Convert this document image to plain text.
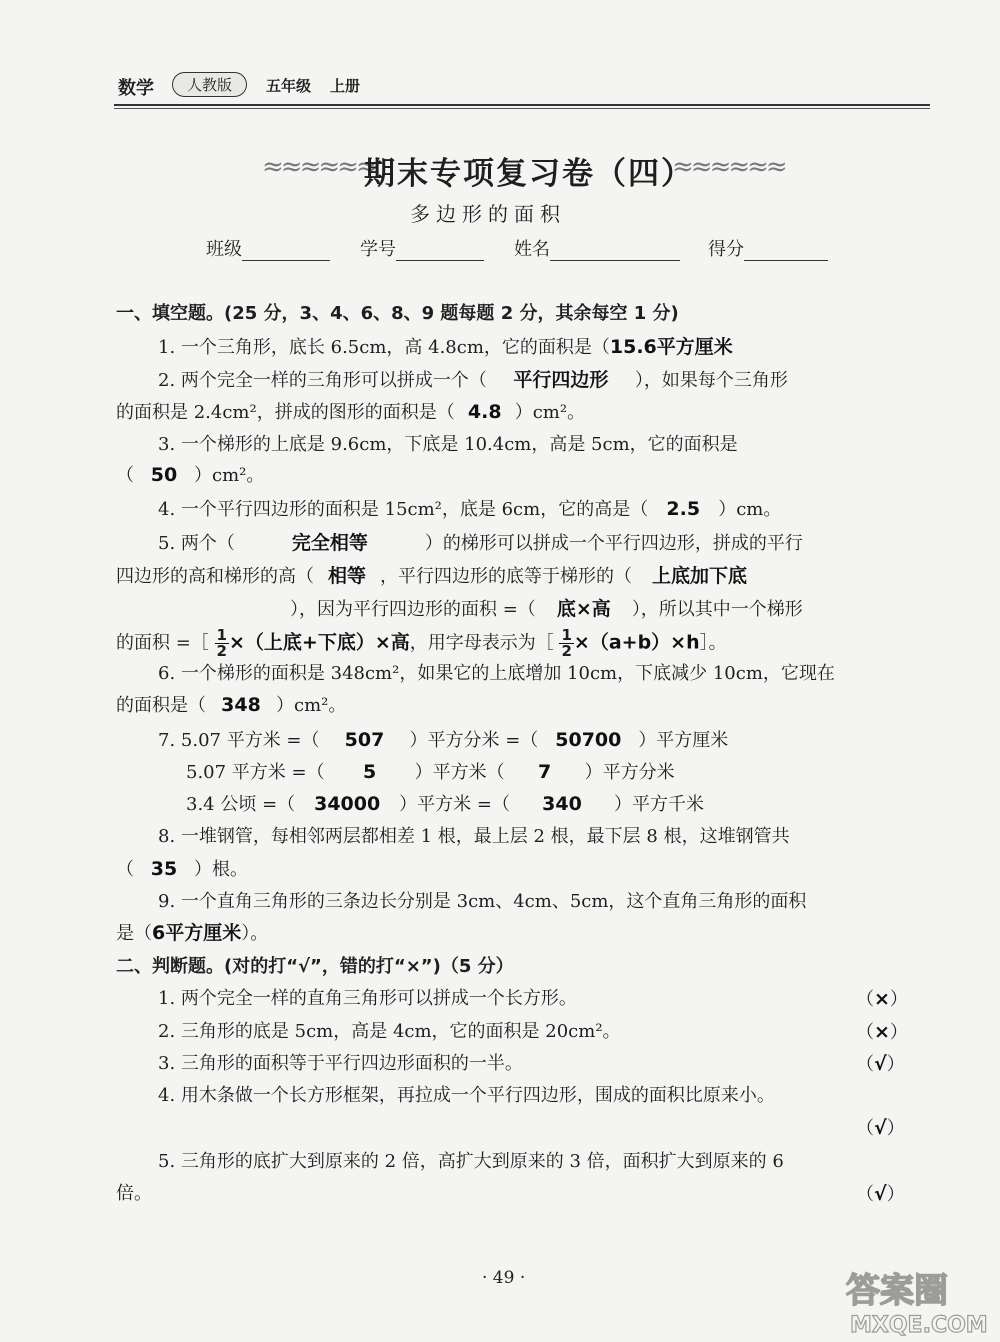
数学	人教版	五年级 上册
≈≈≈≈≈≈
期末专项复习卷（四）
≈≈≈≈≈≈
多边形的面积
班级	学号	姓名	得分
一、填空题。(25 分，3、4、6、8、9 题每题 2 分，其余每空 1 分)
1. 一个三角形，底长 6.5cm，高 4.8cm，它的面积是（15.6平方厘米
2. 两个完全一样的三角形可以拼成一个（ 平行四边形 ），如果每个三角形
的面积是 2.4cm²，拼成的图形的面积是（ 4.8 ）cm²。
3. 一个梯形的上底是 9.6cm，下底是 10.4cm，高是 5cm，它的面积是
（ 50 ）cm²。
4. 一个平行四边形的面积是 15cm²，底是 6cm，它的高是（ 2.5 ）cm。
5. 两个（	完全相等	）的梯形可以拼成一个平行四边形，拼成的平行
四边形的高和梯形的高（ 相等 ，平行四边形的底等于梯形的（ 上底加下底
），因为平行四边形的面积 =（ 底×高 ），所以其中一个梯形
的面积 =［ $\frac{1}{2}$ ×（上底+下底）×高，用字母表示为［ $\frac{1}{2}$ ×（a+b）×h］。
6. 一个梯形的面积是 348cm²，如果它的上底增加 10cm，下底减少 10cm，它现在
的面积是（ 348 ）cm²。
7. 5.07 平方米 =（ 507 ）平方分米 =（ 50700 ）平方厘米
5.07 平方米 =（ 5 ）平方米（ 7 ）平方分米
3.4 公顷 =（ 34000 ）平方米 =（ 340 ）平方千米
8. 一堆钢管，每相邻两层都相差 1 根，最上层 2 根，最下层 8 根，这堆钢管共
（ 35 ）根。
9. 一个直角三角形的三条边长分别是 3cm、4cm、5cm，这个直角三角形的面积
是（6平方厘米）。
二、判断题。(对的打“√”，错的打“×”)（5 分）
1. 两个完全一样的直角三角形可以拼成一个长方形。	（×）
2. 三角形的底是 5cm，高是 4cm，它的面积是 20cm²。	（×）
3. 三角形的面积等于平行四边形面积的一半。	（√）
4. 用木条做一个长方形框架，再拉成一个平行四边形，围成的面积比原来小。
（√）
5. 三角形的底扩大到原来的 2 倍，高扩大到原来的 3 倍，面积扩大到原来的 6
倍。	（√）
· 49 ·	答案圈
MXQE.COM
